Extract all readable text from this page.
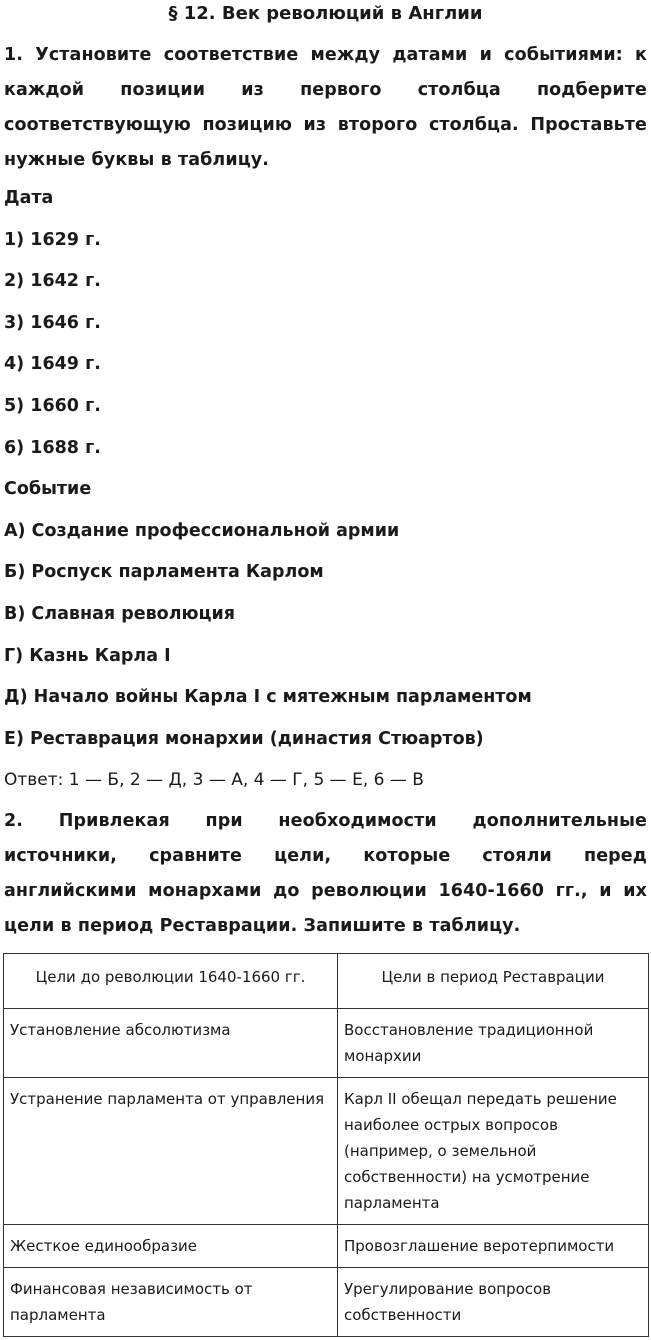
§ 12. Век революций в Англии

1. Установите соответствие между датами и событиями: к каждой позиции из первого столбца подберите соответствующую позицию из второго столбца. Проставьте нужные буквы в таблицу.

Дата

1) 1629 г.

2) 1642 г.

3) 1646 г.

4) 1649 г.

5) 1660 г.

6) 1688 г.

Событие

А) Создание профессиональной армии

Б) Роспуск парламента Карлом

В) Славная революция

Г) Казнь Карла I

Д) Начало войны Карла I с мятежным парламентом

Е) Реставрация монархии (династия Стюартов)

Ответ: 1 — Б, 2 — Д, 3 — А, 4 — Г, 5 — Е, 6 — В

2. Привлекая при необходимости дополнительные источники, сравните цели, которые стояли перед английскими монархами до революции 1640-1660 гг., и их цели в период Реставрации. Запишите в таблицу.

Цели до революции 1640-1660 гг.	Цели в период Реставрации
Установление абсолютизма	Восстановление традиционной монархии
Устранение парламента от управления	Карл II обещал передать решение наиболее острых вопросов (например, о земельной собственности) на усмотрение парламента
Жесткое единообразие	Провозглашение веротерпимости
Финансовая независимость от парламента	Урегулирование вопросов собственности
